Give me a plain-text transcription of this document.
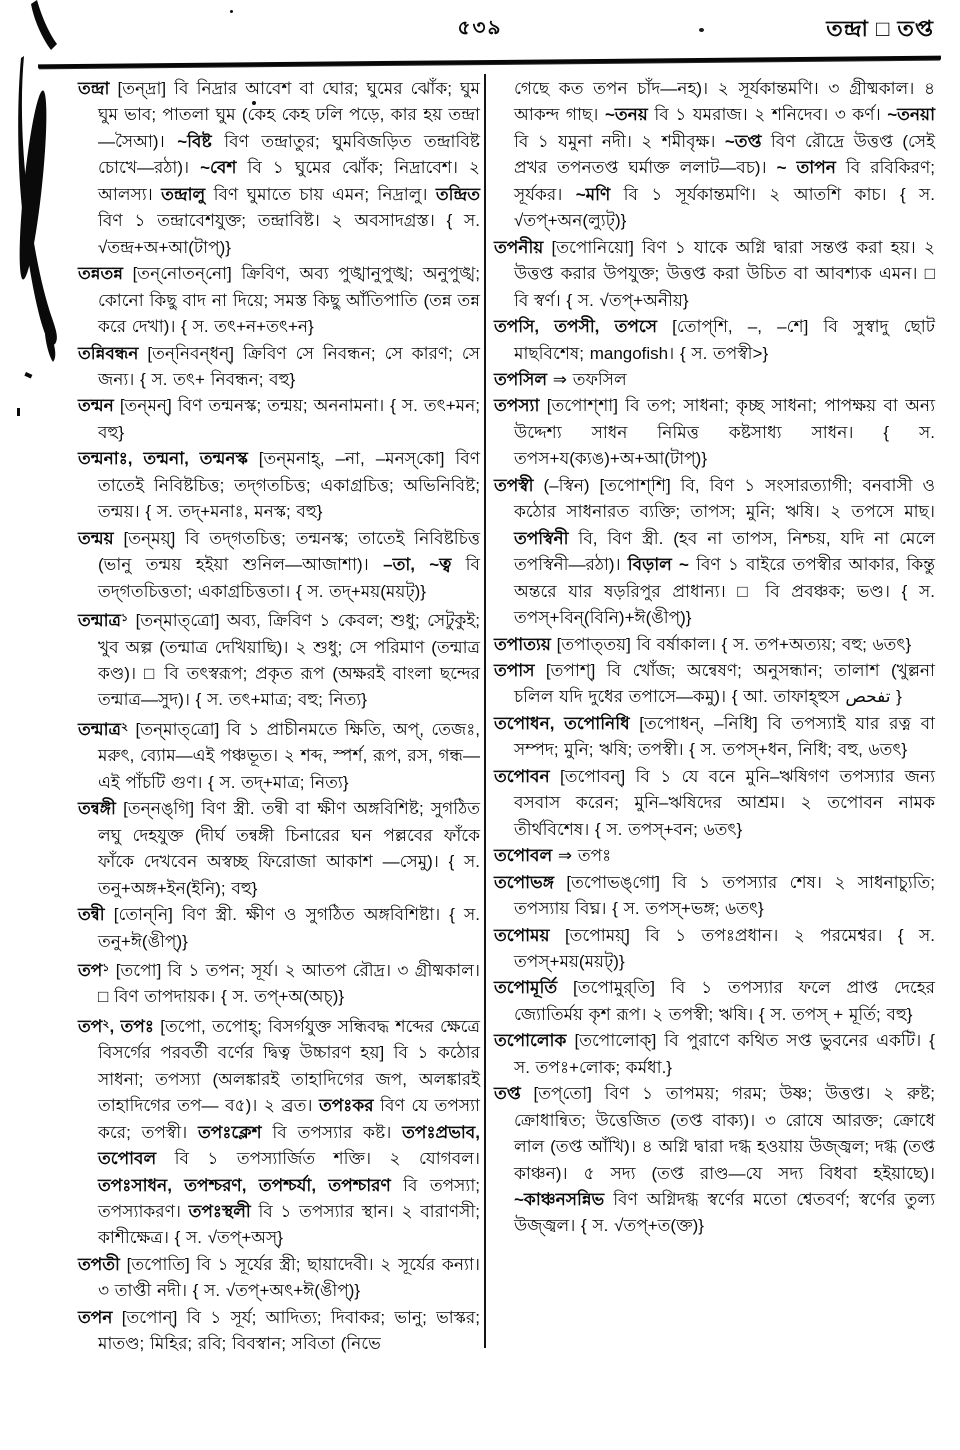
৫৩৯	তন্দ্রা □ তপ্ত

তন্দ্রা [তন্‌দ্রা] বি নিদ্রার আবেশ বা ঘোর; ঘুমের ঝোঁক; ঘুম ঘুম ভাব; পাতলা ঘুম (কেহ কেহ ঢলি পড়ে, কার হয় তন্দ্রা—সৈআ)। ~বিষ্ট বিণ তন্দ্রাতুর; ঘুমবিজড়িত তন্দ্রাবিষ্ট চোখে—রঠা)। ~বেশ বি ১ ঘুমের ঝোঁক; নিদ্রাবেশ। ২ আলস্য। তন্দ্রালু বিণ ঘুমাতে চায় এমন; নিদ্রালু। তন্দ্রিত বিণ ১ তন্দ্রাবেশযুক্ত; তন্দ্রাবিষ্ট। ২ অবসাদগ্রস্ত। { স. √তন্দ্র+অ+আ(টাপ্)}

তন্নতন্ন [তন্‌নোতন্‌নো] ক্রিবিণ, অব্য পুঙ্খানুপুঙ্খ; অনুপুঙ্খ; কোনো কিছু বাদ না দিয়ে; সমস্ত কিছু আঁতিপাতি (তন্ন তন্ন করে দেখা)। { স. তৎ+ন+তৎ+ন}

তন্নিবন্ধন [তন্‌নিবন্‌ধন্] ক্রিবিণ সে নিবন্ধন; সে কারণ; সে জন্য। { স. তৎ+ নিবন্ধন; বহু}

তন্মন [তন্‌মন্] বিণ তন্মনস্ক; তন্ময়; অননামনা। { স. তৎ+মন; বহু}

তন্মনাঃ, তন্মনা, তন্মনস্ক [তন্‌মনাহ্, –না, –মনস্‌কো] বিণ তাতেই নিবিষ্টচিত্ত; তদ্‌গতচিত্ত; একাগ্রচিত্ত; অভিনিবিষ্ট; তন্ময়। { স. তদ্+মনাঃ, মনস্ক; বহু}

তন্ময় [তন্‌ময়্] বি তদ্‌গতচিত্ত; তন্মনস্ক; তাতেই নিবিষ্টচিত্ত (ভানু তন্ময় হইয়া শুনিল—আজাশা)। –তা, ~ত্ব বি তদ্‌গতচিত্ততা; একাগ্রচিত্ততা। { স. তদ্+ময়(ময়ট্)}

তন্মাত্র$^১$ [তন্‌মাত্‌ত্রো] অব্য, ক্রিবিণ ১ কেবল; শুধু; সেটুকুই; খুব অল্প (তন্মাত্র দেখিয়াছি)। ২ শুধু; সে পরিমাণ (তন্মাত্র কণ্ড)। □ বি তৎস্বরূপ; প্রকৃত রূপ (অক্ষরই বাংলা ছন্দের তন্মাত্র—সুদ)। { স. তৎ+মাত্র; বহু; নিত্য}

তন্মাত্র$^২$ [তন্‌মাত্‌ত্রো] বি ১ প্রাচীনমতে ক্ষিতি, অপ্, তেজঃ, মরুৎ, ব্যোম—এই পঞ্চভূত। ২ শব্দ, স্পর্শ, রূপ, রস, গন্ধ—এই পাঁচটি গুণ। { স. তদ্+মাত্র; নিত্য}

তন্বঙ্গী [তন্‌নঙ্‌গি] বিণ স্ত্রী. তন্বী বা ক্ষীণ অঙ্গবিশিষ্ট; সুগঠিত লঘু দেহযুক্ত (দীর্ঘ তন্বঙ্গী চিনারের ঘন পল্লবের ফাঁকে ফাঁকে দেখবেন অস্বচ্ছ ফিরোজা আকাশ —সেমু)। { স. তনু+অঙ্গ+ইন(ইনি); বহু}

তন্বী [তোন্‌নি] বিণ স্ত্রী. ক্ষীণ ও সুগঠিত অঙ্গবিশিষ্টা। { স. তনু+ঈ(ঙীপ্)}

তপ$^১$ [তপো] বি ১ তপন; সূর্য। ২ আতপ রৌদ্র। ৩ গ্রীষ্মকাল। □ বিণ তাপদায়ক। { স. তপ্+অ(অচ্)}

তপ$^২$, তপঃ [তপো, তপোহ্; বিসর্গযুক্ত সন্ধিবদ্ধ শব্দের ক্ষেত্রে বিসর্গের পরবর্তী বর্ণের দ্বিত্ব উচ্চারণ হয়] বি ১ কঠোর সাধনা; তপস্যা (অলঙ্কারই তাহাদিগের জপ, অলঙ্কারই তাহাদিগের তপ— ব৫)। ২ ব্রত। তপঃকর বিণ যে তপস্যা করে; তপস্বী। তপঃক্লেশ বি তপস্যার কষ্ট। তপঃপ্রভাব, তপোবল বি ১ তপস্যার্জিত শক্তি। ২ যোগবল। তপঃসাধন, তপশ্চরণ, তপশ্চর্যা, তপশ্চারণ বি তপস্যা; তপস্যাকরণ। তপঃস্থলী বি ১ তপস্যার স্থান। ২ বারাণসী; কাশীক্ষেত্র। { স. √তপ্+অস্}

তপতী [তপোতি] বি ১ সূর্যের স্ত্রী; ছায়াদেবী। ২ সূর্যের কন্যা। ৩ তাপ্তী নদী। { স. √তপ্+অৎ+ঈ(ঙীপ্)}

তপন [তপোন্] বি ১ সূর্য; আদিত্য; দিবাকর; ভানু; ভাস্কর; মাতণ্ড; মিহির; রবি; বিবস্বান; সবিতা (নিভে

গেছে কত তপন চাঁদ—নহ)। ২ সূর্যকান্তমণি। ৩ গ্রীষ্মকাল। ৪ আকন্দ গাছ। ~তনয় বি ১ যমরাজ। ২ শনিদেব। ৩ কর্ণ। ~তনয়া বি ১ যমুনা নদী। ২ শমীবৃক্ষ। ~তপ্ত বিণ রৌদ্রে উত্তপ্ত (সেই প্রখর তপনতপ্ত ঘর্মাক্ত ললাট—বচ)। ~ তাপন বি রবিকিরণ; সূর্যকর। ~মণি বি ১ সূর্যকান্তমণি। ২ আতশি কাচ। { স. √তপ্+অন(ল্যুট্)}

তপনীয় [তপোনিয়ো] বিণ ১ যাকে অগ্নি দ্বারা সন্তপ্ত করা হয়। ২ উত্তপ্ত করার উপযুক্ত; উত্তপ্ত করা উচিত বা আবশ্যক এমন। □ বি স্বর্ণ। { স. √তপ্+অনীয়}

তপসি, তপসী, তপসে [তোপ্‌শি, –, –শে] বি সুস্বাদু ছোট মাছবিশেষ; mangofish। { স. তপস্বী>}

তপসিল ⇒ তফসিল

তপস্যা [তপোশ্‌শা] বি তপ; সাধনা; কৃচ্ছ সাধনা; পাপক্ষয় বা অন্য উদ্দেশ্য সাধন নিমিত্ত কষ্টসাধ্য সাধন। { স. তপস+য(ক্যঙ)+অ+আ(টাপ্)}

তপস্বী (–স্বিন) [তপোশ্‌শি] বি, বিণ ১ সংসারত্যাগী; বনবাসী ও কঠোর সাধনারত ব্যক্তি; তাপস; মুনি; ঋষি। ২ তপসে মাছ। তপস্বিনী বি, বিণ স্ত্রী. (হব না তাপস, নিশ্চয়, যদি না মেলে তপস্বিনী—রঠা)। বিড়াল ~ বিণ ১ বাইরে তপস্বীর আকার, কিন্তু অন্তরে যার ষড়রিপুর প্রাধান্য। □ বি প্রবঞ্চক; ভণ্ড। { স. তপস্+বিন্(বিনি)+ঈ(ঙীপ্)}

তপাত্যয় [তপাত্‌তয়] বি বর্ষাকাল। { স. তপ+অত্যয়; বহু; ৬তৎ}

তপাস [তপাশ্] বি খোঁজ; অন্বেষণ; অনুসন্ধান; তালাশ (খুল্লনা চলিল যদি দুধের তপাসে—কমু)। { আ. তাফাহ্‌হুস تفحص }

তপোধন, তপোনিধি [তপোধন্, –নিধি] বি তপস্যাই যার রত্ন বা সম্পদ; মুনি; ঋষি; তপস্বী। { স. তপস্+ধন, নিধি; বহু, ৬তৎ}

তপোবন [তপোবন্] বি ১ যে বনে মুনি–ঋষিগণ তপস্যার জন্য বসবাস করেন; মুনি–ঋষিদের আশ্রম। ২ তপোবন নামক তীর্থবিশেষ। { স. তপস্+বন; ৬তৎ}

তপোবল ⇒ তপঃ

তপোভঙ্গ [তপোভঙ্‌গো] বি ১ তপস্যার শেষ। ২ সাধনাচ্যুতি; তপস্যায় বিঘ্ন। { স. তপস্+ভঙ্গ; ৬তৎ}

তপোময় [তপোময়্] বি ১ তপঃপ্রধান। ২ পরমেশ্বর। { স. তপস্+ময়(ময়ট্)}

তপোমূর্তি [তপোমুর্‌তি] বি ১ তপস্যার ফলে প্রাপ্ত দেহের জ্যোতির্ময় কৃশ রূপ। ২ তপস্বী; ঋষি। { স. তপস্ + মূর্তি; বহু}

তপোলোক [তপোলোক্] বি পুরাণে কথিত সপ্ত ভুবনের একটি। { স. তপঃ+লোক; কর্মধা.}

তপ্ত [তপ্‌তো] বিণ ১ তাপময়; গরম; উষ্ণ; উত্তপ্ত। ২ রুষ্ট; ক্রোধান্বিত; উত্তেজিত (তপ্ত বাক্য)। ৩ রোষে আরক্ত; ক্রোধে লাল (তপ্ত আঁখি)। ৪ অগ্নি দ্বারা দগ্ধ হওয়ায় উজ্জ্বল; দগ্ধ (তপ্ত কাঞ্চন)। ৫ সদ্য (তপ্ত রাণ্ড—যে সদ্য বিধবা হইয়াছে)। ~কাঞ্চনসন্নিভ বিণ অগ্নিদগ্ধ স্বর্ণের মতো শ্বেতবর্ণ; স্বর্ণের তুল্য উজ্জ্বল। { স. √তপ্+ত(ক্ত)}
